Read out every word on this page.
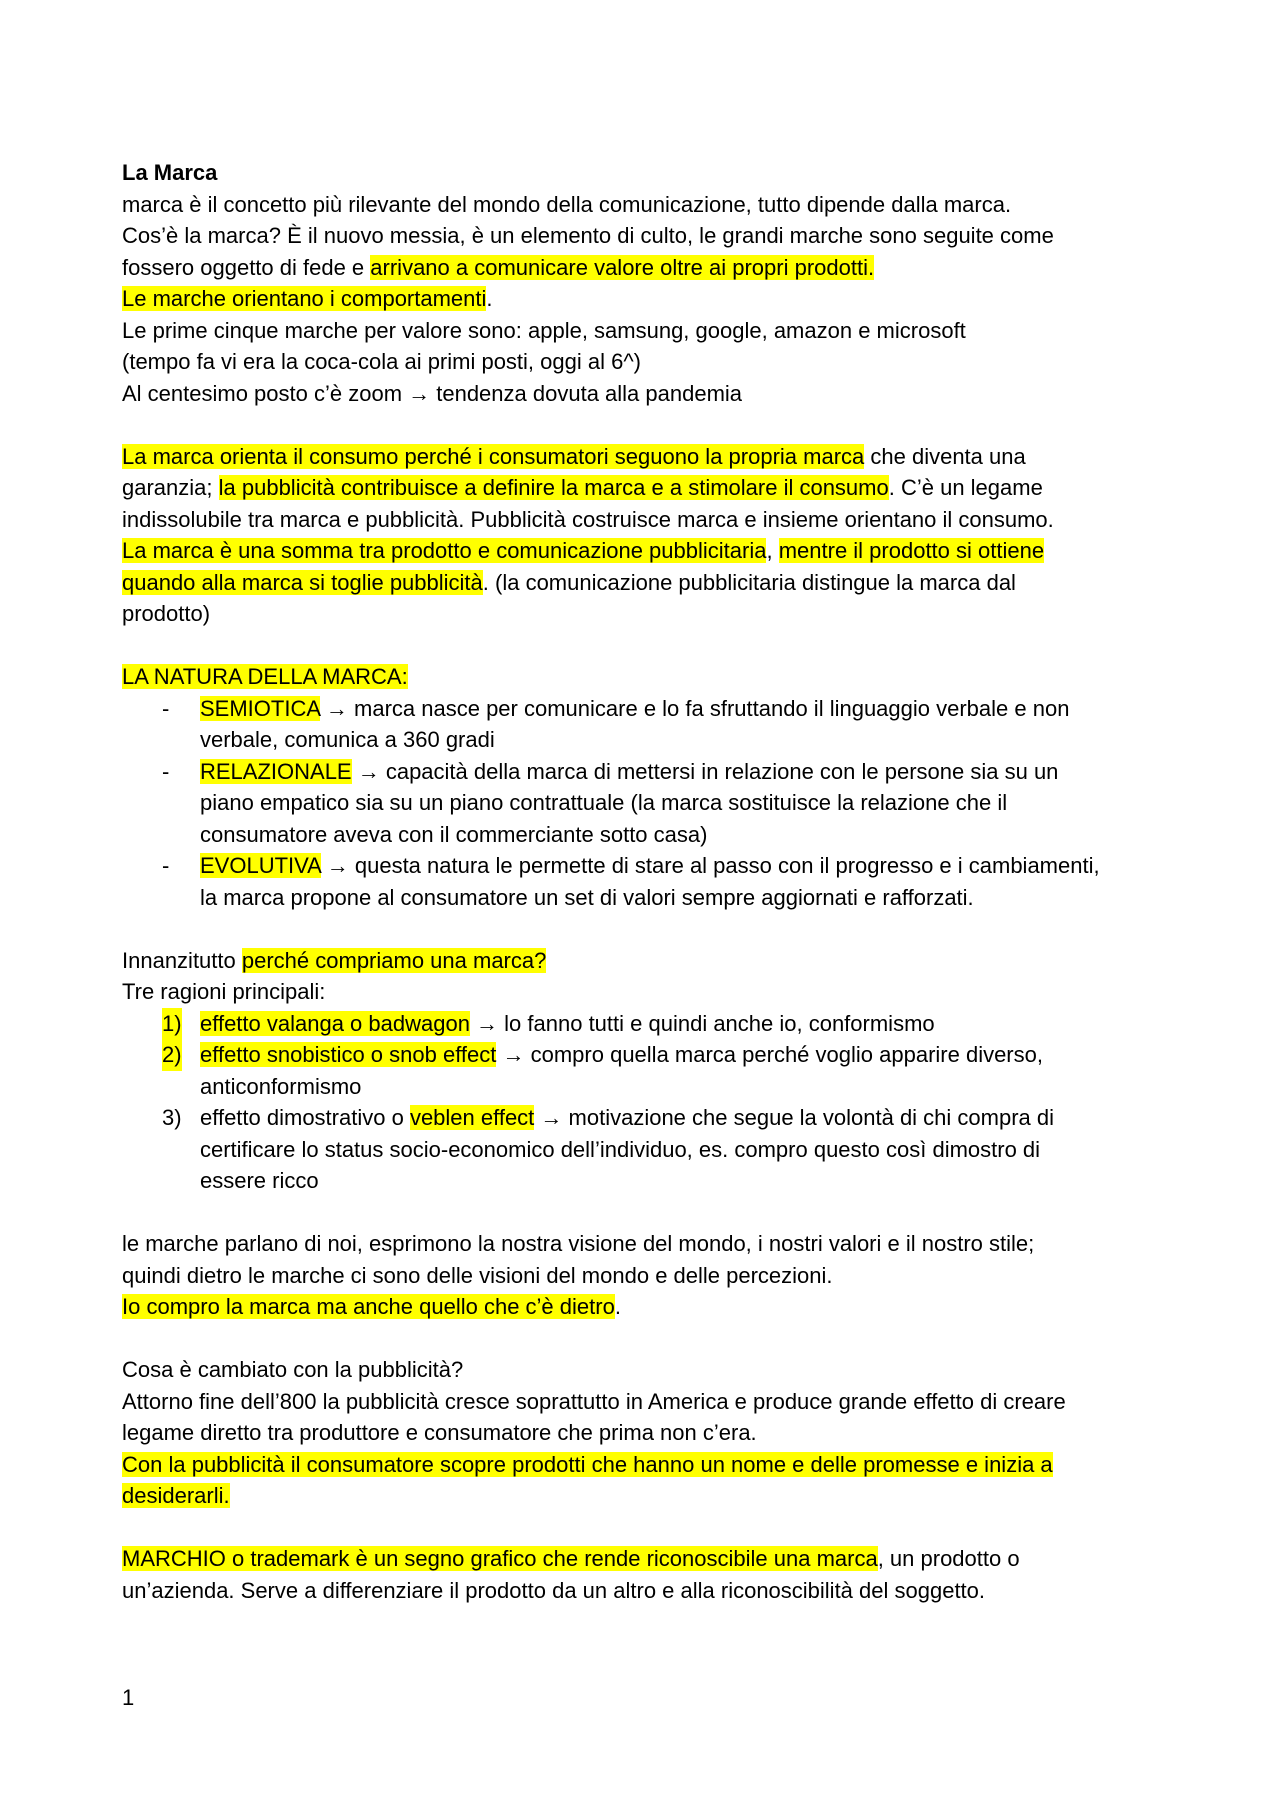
La Marca
marca è il concetto più rilevante del mondo della comunicazione, tutto dipende dalla marca.
Cos’è la marca? È il nuovo messia, è un elemento di culto, le grandi marche sono seguite come
fossero oggetto di fede e arrivano a comunicare valore oltre ai propri prodotti.
Le marche orientano i comportamenti.
Le prime cinque marche per valore sono: apple, samsung, google, amazon e microsoft
(tempo fa vi era la coca-cola ai primi posti, oggi al 6^)
Al centesimo posto c’è zoom → tendenza dovuta alla pandemia
La marca orienta il consumo perché i consumatori seguono la propria marca che diventa una
garanzia; la pubblicità contribuisce a definire la marca e a stimolare il consumo. C’è un legame
indissolubile tra marca e pubblicità. Pubblicità costruisce marca e insieme orientano il consumo.
La marca è una somma tra prodotto e comunicazione pubblicitaria, mentre il prodotto si ottiene
quando alla marca si toglie pubblicità. (la comunicazione pubblicitaria distingue la marca dal
prodotto)
LA NATURA DELLA MARCA:
- SEMIOTICA → marca nasce per comunicare e lo fa sfruttando il linguaggio verbale e non
verbale, comunica a 360 gradi
- RELAZIONALE → capacità della marca di mettersi in relazione con le persone sia su un
piano empatico sia su un piano contrattuale (la marca sostituisce la relazione che il
consumatore aveva con il commerciante sotto casa)
- EVOLUTIVA → questa natura le permette di stare al passo con il progresso e i cambiamenti,
la marca propone al consumatore un set di valori sempre aggiornati e rafforzati.
Innanzitutto perché compriamo una marca?
Tre ragioni principali:
1) effetto valanga o badwagon → lo fanno tutti e quindi anche io, conformismo
2) effetto snobistico o snob effect → compro quella marca perché voglio apparire diverso,
anticonformismo
3) effetto dimostrativo o veblen effect → motivazione che segue la volontà di chi compra di
certificare lo status socio-economico dell’individuo, es. compro questo così dimostro di
essere ricco
le marche parlano di noi, esprimono la nostra visione del mondo, i nostri valori e il nostro stile;
quindi dietro le marche ci sono delle visioni del mondo e delle percezioni.
Io compro la marca ma anche quello che c’è dietro.
Cosa è cambiato con la pubblicità?
Attorno fine dell’800 la pubblicità cresce soprattutto in America e produce grande effetto di creare
legame diretto tra produttore e consumatore che prima non c’era.
Con la pubblicità il consumatore scopre prodotti che hanno un nome e delle promesse e inizia a
desiderarli.
MARCHIO o trademark è un segno grafico che rende riconoscibile una marca, un prodotto o
un’azienda. Serve a differenziare il prodotto da un altro e alla riconoscibilità del soggetto.
1
